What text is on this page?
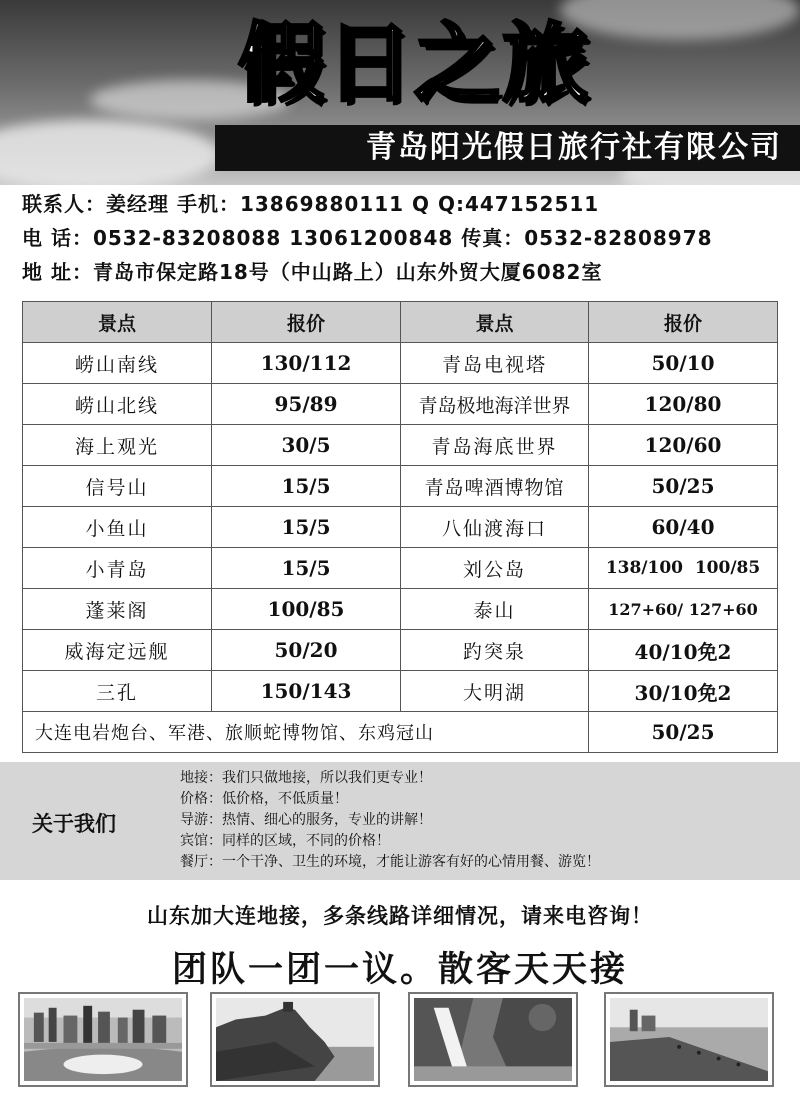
假日之旅
青岛阳光假日旅行社有限公司
联系人：姜经理 手机：13869880111 Q Q:447152511
电 话：0532-83208088 13061200848 传真：0532-82808978
地 址：青岛市保定路18号（中山路上）山东外贸大厦6082室
景点	报价	景点	报价
崂山南线	130/112	青岛电视塔	50/10
崂山北线	95/89	青岛极地海洋世界	120/80
海上观光	30/5	青岛海底世界	120/60
信号山	15/5	青岛啤酒博物馆	50/25
小鱼山	15/5	八仙渡海口	60/40
小青岛	15/5	刘公岛	138/100  100/85
蓬莱阁	100/85	泰山	127+60/ 127+60
威海定远舰	50/20	趵突泉	40/10免2
三孔	150/143	大明湖	30/10免2
大连电岩炮台、军港、旅顺蛇博物馆、东鸡冠山			50/25
关于我们
地接：我们只做地接，所以我们更专业！
价格：低价格，不低质量！
导游：热情、细心的服务，专业的讲解！
宾馆：同样的区域，不同的价格！
餐厅：一个干净、卫生的环境，才能让游客有好的心情用餐、游览！
山东加大连地接，多条线路详细情况，请来电咨询！
团队一团一议。散客天天接
